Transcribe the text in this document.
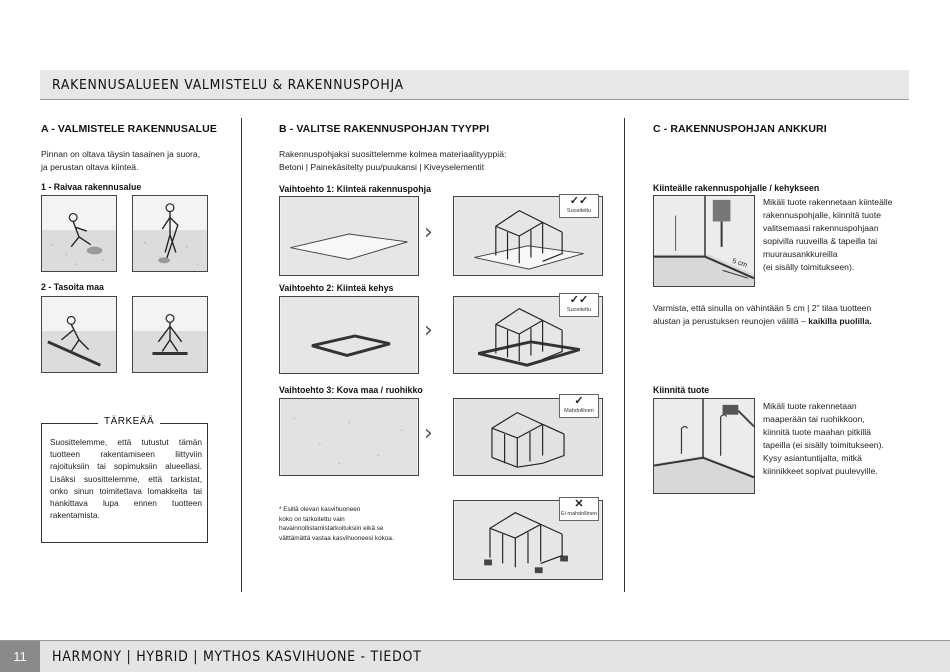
RAKENNUSALUEEN VALMISTELU & RAKENNUSPOHJA
A - VALMISTELE RAKENNUSALUE
Pinnan on oltava täysin tasainen ja suora,
ja perustan oltava kiinteä.
1 - Raivaa rakennusalue
2 - Tasoita maa
TÄRKEÄÄ
Suosittelemme, että tutustut tämän tuotteen rakentamiseen liittyviin rajoituksiin tai sopimuksiin alueellasi. Lisäksi suosittelemme, että tarkistat, onko sinun toimitettava lomakkeita tai hankittava lupa ennen tuotteen rakentamista.
B - VALITSE RAKENNUSPOHJAN TYYPPI
Rakennuspohjaksi suosittelemme kolmea materiaalityyppiä:
Betoni | Painekäsitelty puu/puukansi | Kiveyselementit
Vaihtoehto 1: Kiinteä rakennuspohja
›
✓✓
Suositeltu
Vaihtoehto 2: Kiinteä kehys
›
✓✓
Suositeltu
Vaihtoehto 3: Kova maa / ruohikko
›
✓
Mahdollinen
* Esillä olevan kasvihuoneen
koko on tarkoitettu vain
havainnollistamistarkoituksiin eikä se
välttämättä vastaa kasvihuoneesi kokoa.
✕
Ei mahdollinen
C - RAKENNUSPOHJAN ANKKURI
Kiinteälle rakennuspohjalle / kehykseen
5 cm
Mikäli tuote rakennetaan kiinteälle
rakennuspohjalle, kiinnitä tuote
valitsemaasi rakennuspohjaan
sopivilla ruuveilla & tapeilla tai
muurausankkureilla
(ei sisälly toimitukseen).
Varmista, että sinulla on vähintään 5 cm | 2" tilaa tuotteen
alustan ja perustuksen reunojen välillä – kaikilla puolilla.
Kiinnitä tuote
Mikäli tuote rakennetaan
maaperään tai ruohikkoon,
kiinnitä tuote maahan pitkillä
tapeilla (ei sisälly toimitukseen).
Kysy asiantuntijalta, mitkä
kiinnikkeet sopivat puulevyille.
11	HARMONY | HYBRID | MYTHOS KASVIHUONE - TIEDOT
